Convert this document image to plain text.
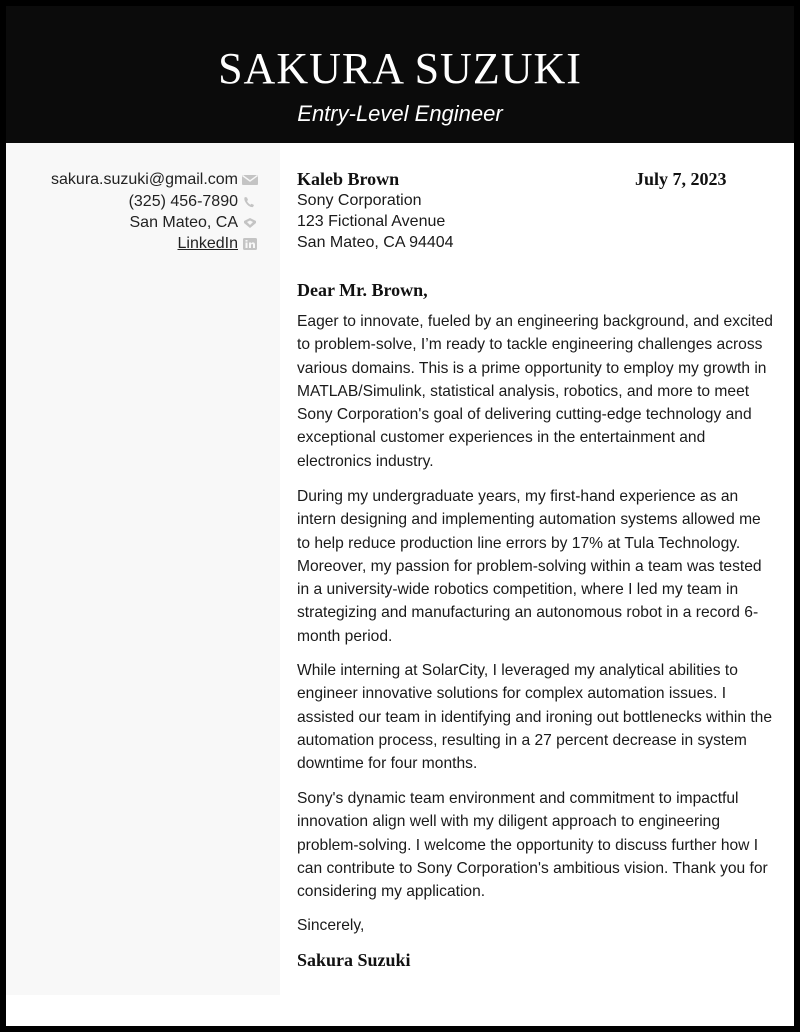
SAKURA SUZUKI
Entry-Level Engineer
sakura.suzuki@gmail.com
(325) 456-7890
San Mateo, CA
LinkedIn
Kaleb Brown	July 7, 2023
Sony Corporation
123 Fictional Avenue
San Mateo, CA 94404
Dear Mr. Brown,

Eager to innovate, fueled by an engineering background, and excited to problem-solve, I’m ready to tackle engineering challenges across various domains. This is a prime opportunity to employ my growth in MATLAB/Simulink, statistical analysis, robotics, and more to meet Sony Corporation's goal of delivering cutting-edge technology and exceptional customer experiences in the entertainment and electronics industry.

During my undergraduate years, my first-hand experience as an intern designing and implementing automation systems allowed me to help reduce production line errors by 17% at Tula Technology. Moreover, my passion for problem-solving within a team was tested in a university-wide robotics competition, where I led my team in strategizing and manufacturing an autonomous robot in a record 6-month period.

While interning at SolarCity, I leveraged my analytical abilities to engineer innovative solutions for complex automation issues. I assisted our team in identifying and ironing out bottlenecks within the automation process, resulting in a 27 percent decrease in system downtime for four months.

Sony's dynamic team environment and commitment to impactful innovation align well with my diligent approach to engineering problem-solving. I welcome the opportunity to discuss further how I can contribute to Sony Corporation's ambitious vision. Thank you for considering my application.

Sincerely,
Sakura Suzuki
